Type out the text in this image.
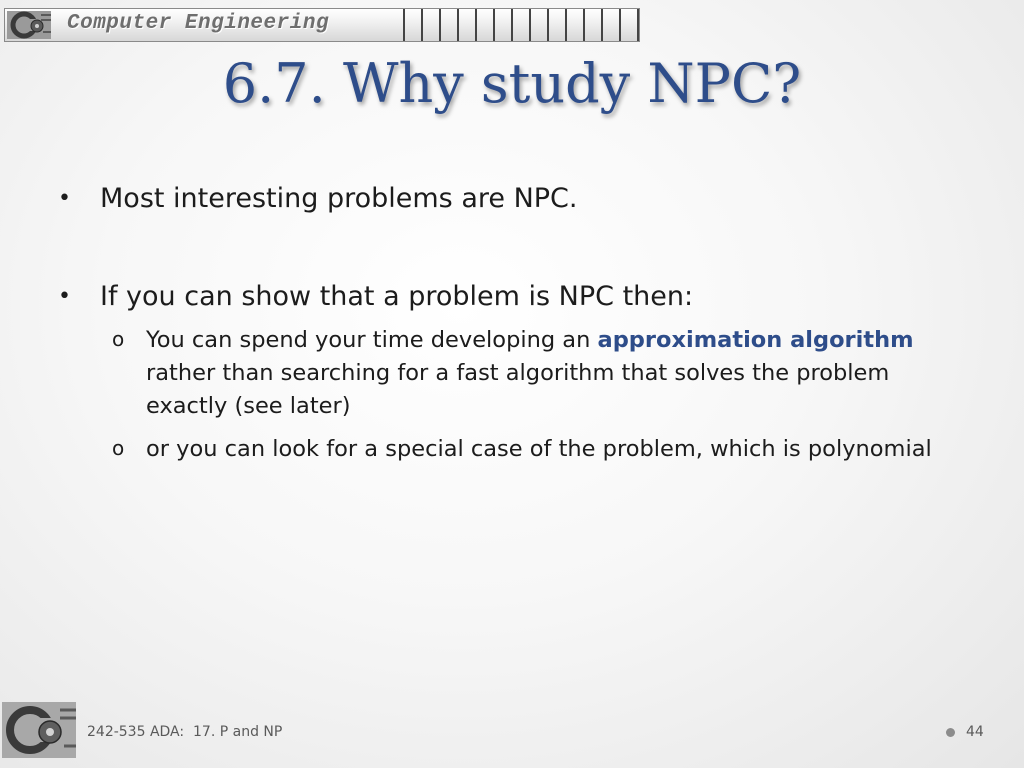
Computer Engineering
6.7. Why study NPC?
• Most interesting problems are NPC.
• If you can show that a problem is NPC then:
o You can spend your time developing an approximation algorithm rather than searching for a fast algorithm that solves the problem exactly (see later)
o or you can look for a special case of the problem, which is polynomial
242-535 ADA:  17. P and NP	44
